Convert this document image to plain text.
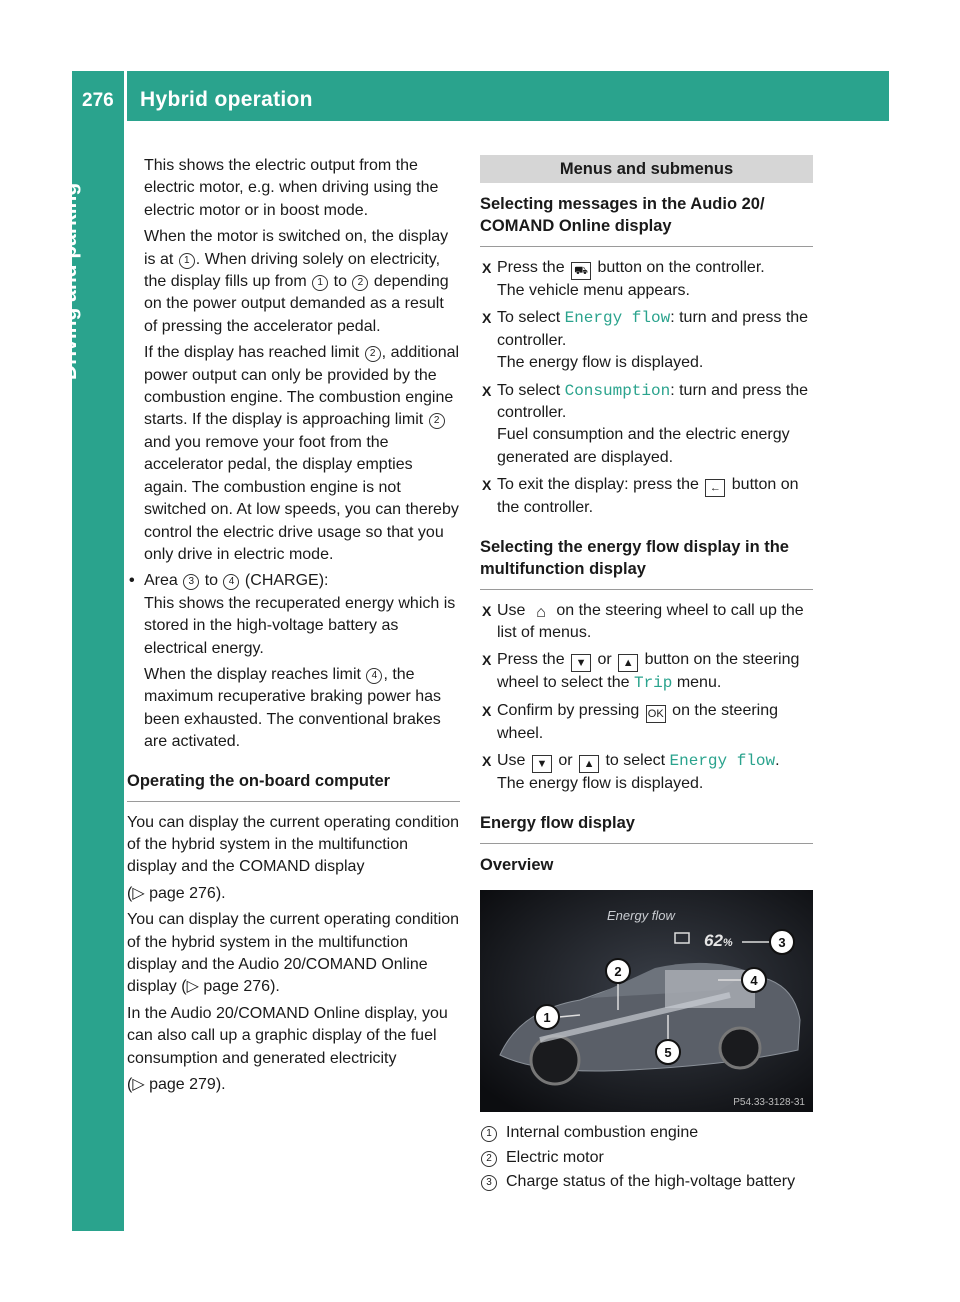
276 Hybrid operation
Driving and parking

This shows the electric output from the electric motor, e.g. when driving using the electric motor or in boost mode.

When the motor is switched on, the display is at 1 . When driving solely on electricity, the display fills up from 1 to 2 depending on the power output demanded as a result of pressing the accelerator pedal.

If the display has reached limit 2 , additional power output can only be provided by the combustion engine. The combustion engine starts. If the display is approaching limit 2 and you remove your foot from the accelerator pedal, the display empties again. The combustion engine is not switched on. At low speeds, you can thereby control the electric drive usage so that you only drive in electric mode.

• Area 3 to 4 (CHARGE):

This shows the recuperated energy which is stored in the high-voltage battery as electrical energy.

When the display reaches limit 4 , the maximum recuperative braking power has been exhausted. The conventional brakes are activated.

Operating the on-board computer

You can display the current operating condition of the hybrid system in the multifunction display and the COMAND display

(▷ page 276).

You can display the current operating condition of the hybrid system in the multifunction display and the Audio 20/COMAND Online display (▷ page 276).

In the Audio 20/COMAND Online display, you can also call up a graphic display of the fuel consumption and generated electricity

(▷ page 279).

Menus and submenus
Selecting messages in the Audio 20/ COMAND Online display
X Press the ⛟ button on the controller.
The vehicle menu appears.
X To select Energy flow: turn and press the controller.
The energy flow is displayed.
X To select Consumption: turn and press the controller.
Fuel consumption and the electric energy generated are displayed.
X To exit the display: press the ← button on the controller.
Selecting the energy flow display in the multifunction display
X Use ⌂ on the steering wheel to call up the list of menus.
X Press the ▼ or ▲ button on the steering wheel to select the Trip menu.
X Confirm by pressing OK on the steering wheel.
X Use ▼ or ▲ to select Energy flow.
The energy flow is displayed.
Energy flow display
Overview
Energy flow
62%
1
2
3
4
5
P54.33-3128-31
1 Internal combustion engine
2 Electric motor
3 Charge status of the high-voltage battery
